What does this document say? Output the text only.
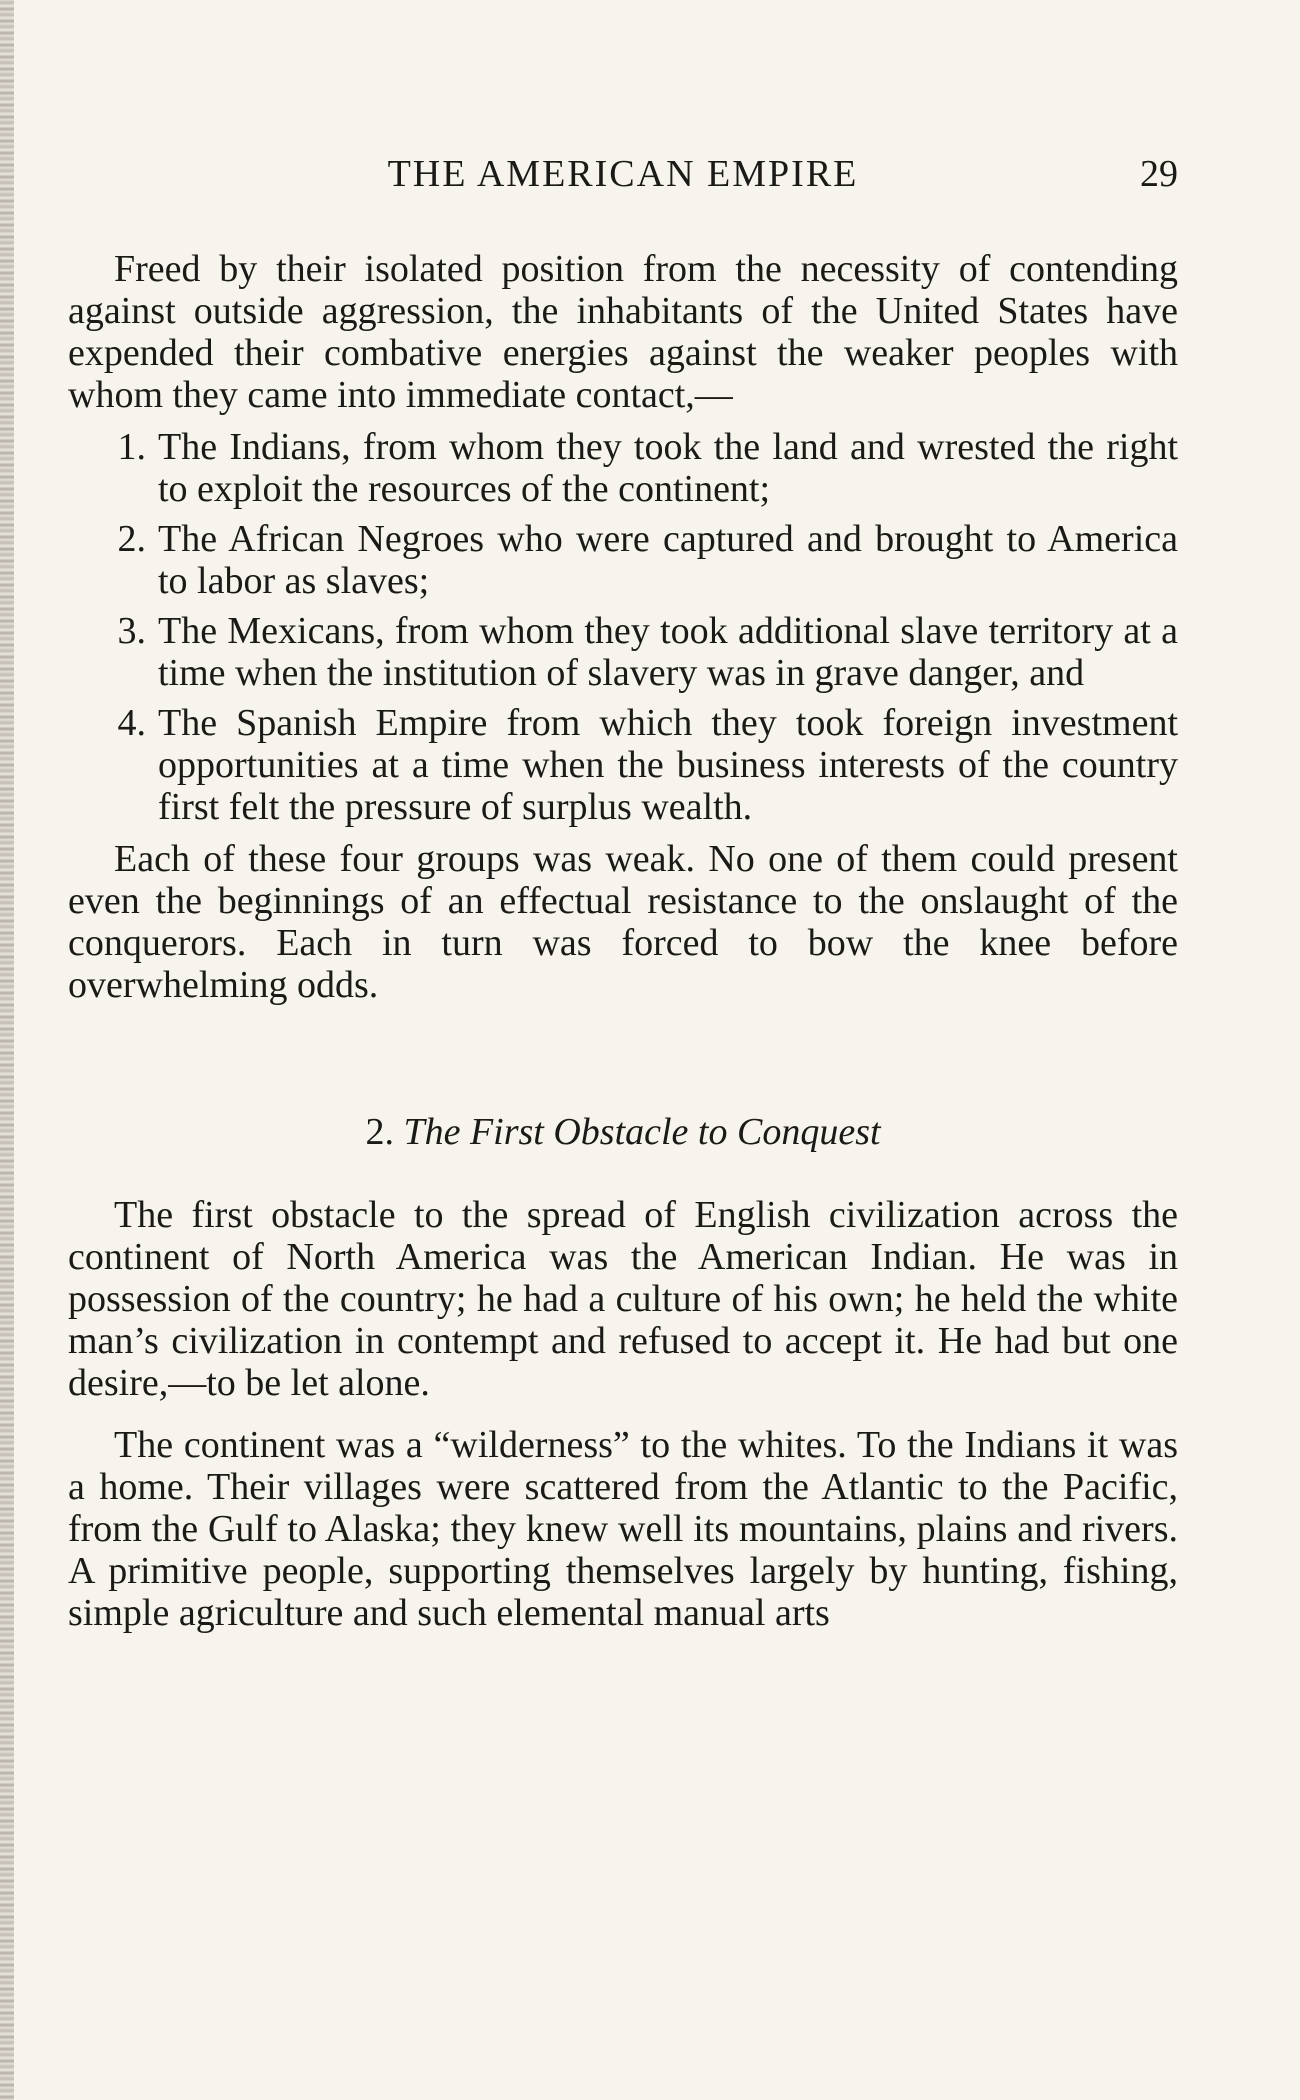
THE AMERICAN EMPIRE	29

Freed by their isolated position from the necessity of contending against outside aggression, the inhabitants of the United States have expended their combative energies against the weaker peoples with whom they came into immediate contact,—

1. The Indians, from whom they took the land and wrested the right to exploit the resources of the continent;
2. The African Negroes who were captured and brought to America to labor as slaves;
3. The Mexicans, from whom they took additional slave territory at a time when the institution of slavery was in grave danger, and
4. The Spanish Empire from which they took foreign investment opportunities at a time when the business interests of the country first felt the pressure of surplus wealth.

Each of these four groups was weak. No one of them could present even the beginnings of an effectual resistance to the onslaught of the conquerors. Each in turn was forced to bow the knee before overwhelming odds.

2. The First Obstacle to Conquest

The first obstacle to the spread of English civilization across the continent of North America was the American Indian. He was in possession of the country; he had a culture of his own; he held the white man’s civilization in contempt and refused to accept it. He had but one desire,—to be let alone.

The continent was a “wilderness” to the whites. To the Indians it was a home. Their villages were scattered from the Atlantic to the Pacific, from the Gulf to Alaska; they knew well its mountains, plains and rivers. A primitive people, supporting themselves largely by hunting, fishing, simple agriculture and such elemental manual arts
